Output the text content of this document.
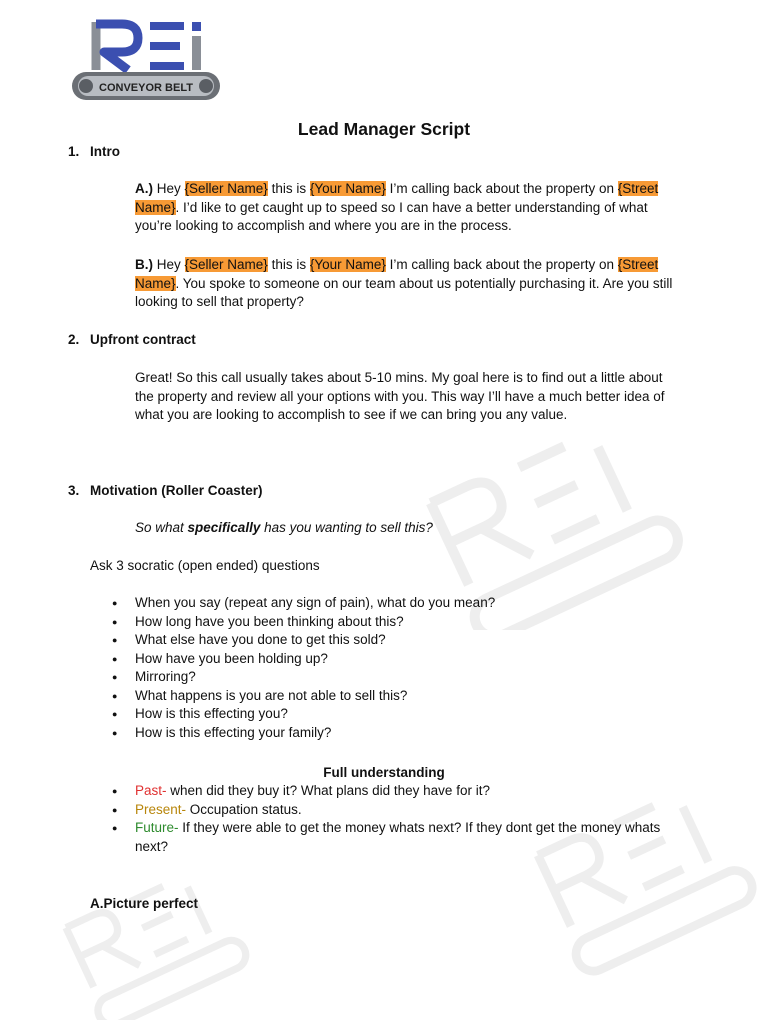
CONVEYOR BELT
Lead Manager Script
1. Intro
A.) Hey {Seller Name} this is {Your Name} I’m calling back about the property on {Street Name}. I’d like to get caught up to speed so I can have a better understanding of what you’re looking to accomplish and where you are in the process.
B.) Hey {Seller Name} this is {Your Name} I’m calling back about the property on {Street Name}. You spoke to someone on our team about us potentially purchasing it. Are you still looking to sell that property?
2. Upfront contract
Great! So this call usually takes about 5-10 mins. My goal here is to find out a little about the property and review all your options with you. This way I’ll have a much better idea of what you are looking to accomplish to see if we can bring you any value.
3. Motivation (Roller Coaster)
So what specifically has you wanting to sell this?
Ask 3 socratic (open ended) questions
● When you say (repeat any sign of pain), what do you mean?
● How long have you been thinking about this?
● What else have you done to get this sold?
● How have you been holding up?
● Mirroring?
● What happens is you are not able to sell this?
● How is this effecting you?
● How is this effecting your family?
Full understanding
● Past- when did they buy it? What plans did they have for it?
● Present- Occupation status.
● Future- If they were able to get the money whats next? If they dont get the money whats next?
A.Picture perfect
